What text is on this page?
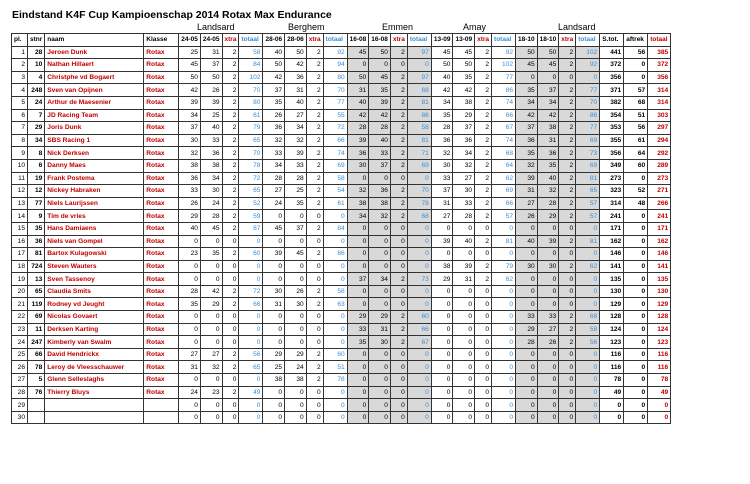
Eindstand K4F Cup Kampioenschap 2014 Rotax Max Endurance
Landsard	Berghem	Emmen	Amay	Landsard
pl.	stnr	naam	Klasse	24-05	24-05	xtra	totaal	28-06	28-06	xtra	totaal	16-08	16-08	xtra	totaal	13-09	13-09	xtra	totaal	18-10	18-10	xtra	totaal	S.tot.	aftrek	totaal
1	28	Jeroen Dunk	Rotax	25	31	2	58	40	50	2	92	45	50	2	97	45	45	2	92	50	50	2	102	441	56	385
2	10	Nathan Hillaert	Rotax	45	37	2	84	50	42	2	94	0	0	0	0	50	50	2	102	45	45	2	92	372	0	372
3	4	Christphe vd Bogaert	Rotax	50	50	2	102	42	36	2	80	50	45	2	97	40	35	2	77	0	0	0	0	356	0	356
4	248	Sven van Opijnen	Rotax	42	26	2	70	37	31	2	70	31	35	2	68	42	42	2	86	35	37	2	77	371	57	314
5	24	Arthur de Maesenier	Rotax	39	39	2	80	35	40	2	77	40	39	2	81	34	38	2	74	34	34	2	70	382	68	314
6	7	JD Racing Team	Rotax	34	25	2	61	26	27	2	55	42	42	2	86	35	29	2	66	42	42	2	86	354	51	303
7	29	Joris Dunk	Rotax	37	40	2	79	36	34	2	72	28	28	2	58	28	37	2	67	37	38	2	77	353	56	297
8	34	SBS Racing 1	Rotax	30	33	2	65	32	32	2	66	39	40	2	81	36	36	2	74	36	31	2	69	355	61	294
9	8	Nick Derksen	Rotax	32	36	2	70	33	39	2	74	36	33	2	71	32	34	2	68	35	36	2	73	356	64	292
10	6	Danny Maes	Rotax	38	38	2	78	34	33	2	69	30	37	2	69	30	32	2	64	32	35	2	69	349	60	289
11	19	Frank Postema	Rotax	36	34	2	72	28	28	2	58	0	0	0	0	33	27	2	62	39	40	2	81	273	0	273
12	12	Nickey Habraken	Rotax	33	30	2	65	27	25	2	54	32	36	2	70	37	30	2	69	31	32	2	65	323	52	271
13	77	Niels Laurijssen	Rotax	26	24	2	52	24	35	2	61	38	38	2	78	31	33	2	66	27	28	2	57	314	48	266
14	9	Tim de vries	Rotax	29	28	2	59	0	0	0	0	34	32	2	68	27	28	2	57	26	29	2	57	241	0	241
15	35	Hans Damiaens	Rotax	40	45	2	87	45	37	2	84	0	0	0	0	0	0	0	0	0	0	0	0	171	0	171
16	36	Niels van Gompel	Rotax	0	0	0	0	0	0	0	0	0	0	0	0	39	40	2	81	40	39	2	81	162	0	162
17	81	Bartox Kulagowski	Rotax	23	35	2	60	39	45	2	86	0	0	0	0	0	0	0	0	0	0	0	0	146	0	146
18	724	Steven Wauters	Rotax	0	0	0	0	0	0	0	0	0	0	0	0	38	39	2	79	30	30	2	62	141	0	141
19	13	Sven Tassenoy	Rotax	0	0	0	0	0	0	0	0	37	34	2	73	29	31	2	62	0	0	0	0	135	0	135
20	65	Claudia Smits	Rotax	28	42	2	72	30	26	2	58	0	0	0	0	0	0	0	0	0	0	0	0	130	0	130
21	119	Rodney vd Jeught	Rotax	35	29	2	66	31	30	2	63	0	0	0	0	0	0	0	0	0	0	0	0	129	0	129
22	69	Nicolas Govaert	Rotax	0	0	0	0	0	0	0	0	29	29	2	60	0	0	0	0	33	33	2	68	128	0	128
23	11	Derksen Karting	Rotax	0	0	0	0	0	0	0	0	33	31	2	66	0	0	0	0	29	27	2	58	124	0	124
24	247	Kimberly van Swalm	Rotax	0	0	0	0	0	0	0	0	35	30	2	67	0	0	0	0	28	26	2	56	123	0	123
25	66	David Hendrickx	Rotax	27	27	2	56	29	29	2	60	0	0	0	0	0	0	0	0	0	0	0	0	116	0	116
26	78	Leroy de Vleesschauwer	Rotax	31	32	2	65	25	24	2	51	0	0	0	0	0	0	0	0	0	0	0	0	116	0	116
27	5	Glenn Selleslaghs	Rotax	0	0	0	0	38	38	2	78	0	0	0	0	0	0	0	0	0	0	0	0	78	0	78
28	76	Thierry Bluys	Rotax	24	23	2	49	0	0	0	0	0	0	0	0	0	0	0	0	0	0	0	0	49	0	49
29				0	0	0	0	0	0	0	0	0	0	0	0	0	0	0	0	0	0	0	0	0	0	0
30				0	0	0	0	0	0	0	0	0	0	0	0	0	0	0	0	0	0	0	0	0	0	0
